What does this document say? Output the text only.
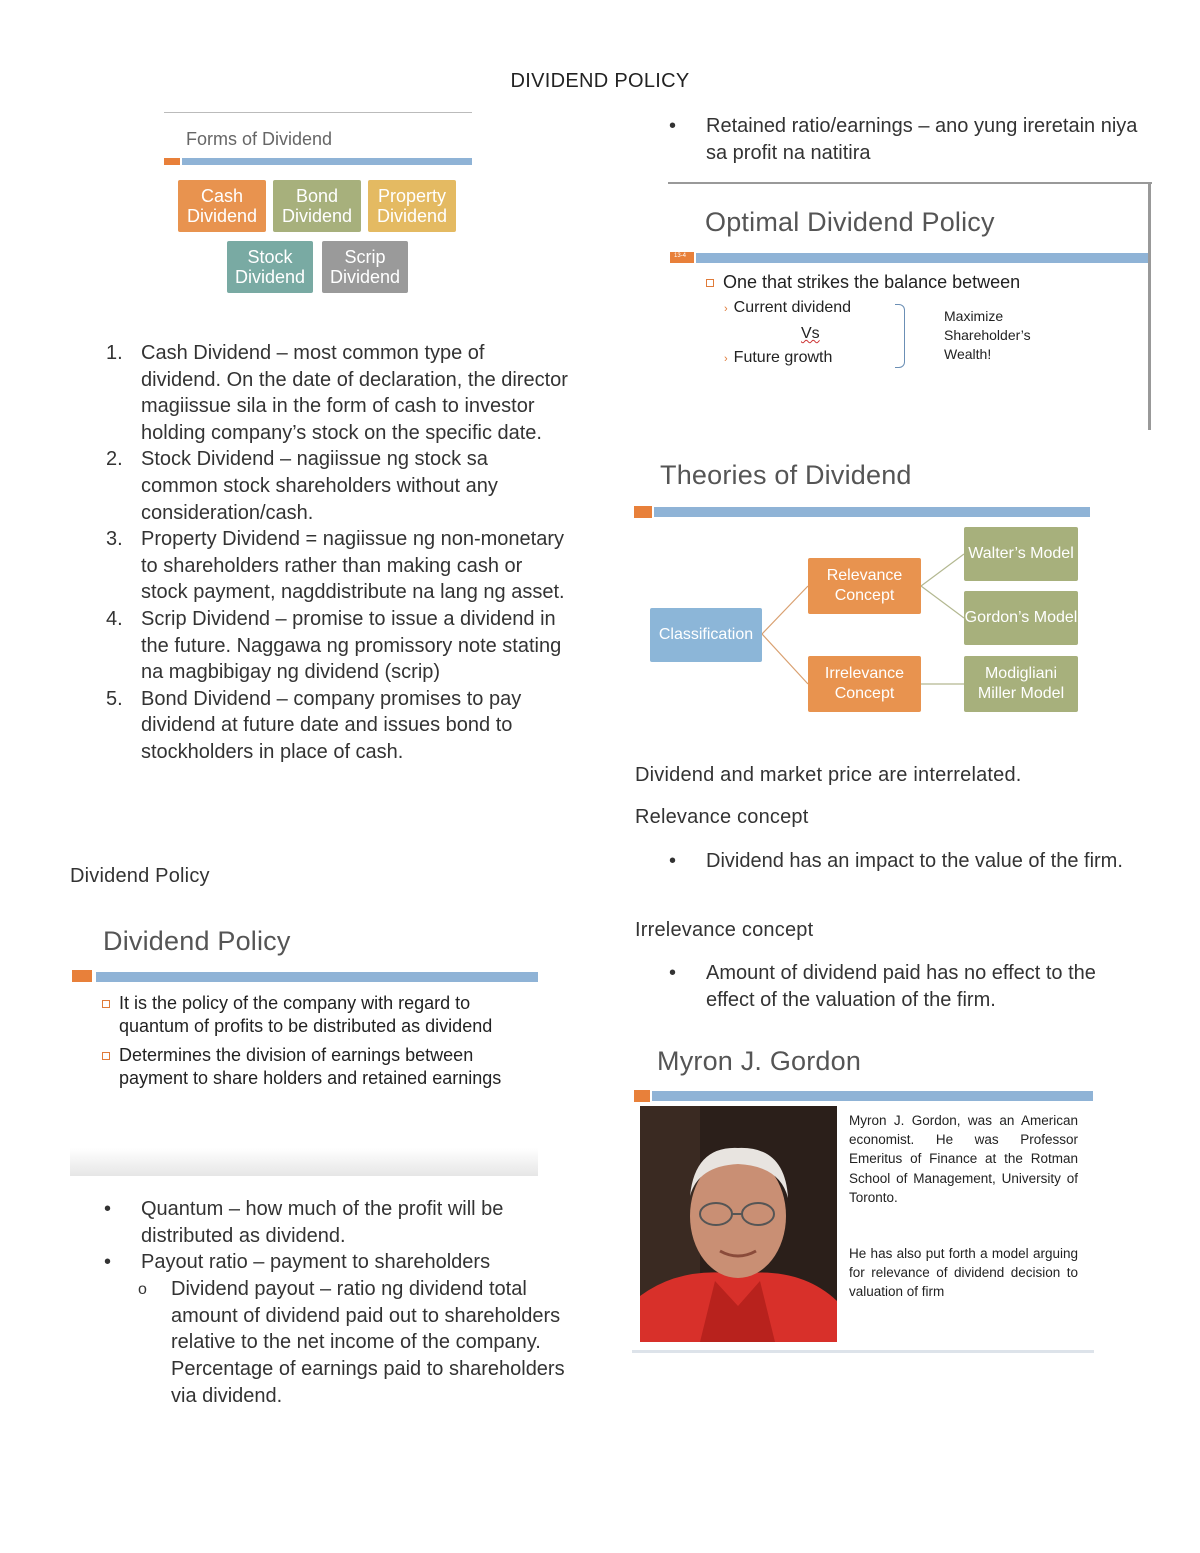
DIVIDEND POLICY
Forms of Dividend
Cash Dividend
Bond Dividend
Property Dividend
Stock Dividend
Scrip Dividend
1. Cash Dividend – most common type of dividend. On the date of declaration, the director magiissue sila in the form of cash to investor holding company’s stock on the specific date.
2. Stock Dividend – nagiissue ng stock sa common stock shareholders without any consideration/cash.
3. Property Dividend = nagiissue ng non-monetary to shareholders rather than making cash or stock payment, nagddistribute na lang ng asset.
4. Scrip Dividend – promise to issue a dividend in the future. Naggawa ng promissory note stating na magbibigay ng dividend (scrip)
5. Bond Dividend – company promises to pay dividend at future date and issues bond to stockholders in place of cash.
Dividend Policy
Dividend Policy
It is the policy of the company with regard to quantum of profits to be distributed as dividend
Determines the division of earnings between payment to share holders and retained earnings
• Quantum – how much of the profit will be distributed as dividend.
• Payout ratio – payment to shareholders
o Dividend payout – ratio ng dividend total amount of dividend paid out to shareholders relative to the net income of the company. Percentage of earnings paid to shareholders via dividend.
• Retained ratio/earnings – ano yung ireretain niya sa profit na natitira
Optimal Dividend Policy
13-4
One that strikes the balance between
› Current dividend
Vs
› Future growth
Maximize
Shareholder’s
Wealth!
Theories of Dividend
Classification
Relevance Concept
Irrelevance Concept
Walter’s Model
Gordon’s Model
Modigliani Miller Model
Dividend and market price are interrelated.
Relevance concept
• Dividend has an impact to the value of the firm.
Irrelevance concept
• Amount of dividend paid has no effect to the effect of the valuation of the firm.
Myron J. Gordon
Myron J. Gordon, was an American economist. He was Professor Emeritus of Finance at the Rotman School of Management, University of Toronto.
He has also put forth a model arguing for relevance of dividend decision to valuation of firm
